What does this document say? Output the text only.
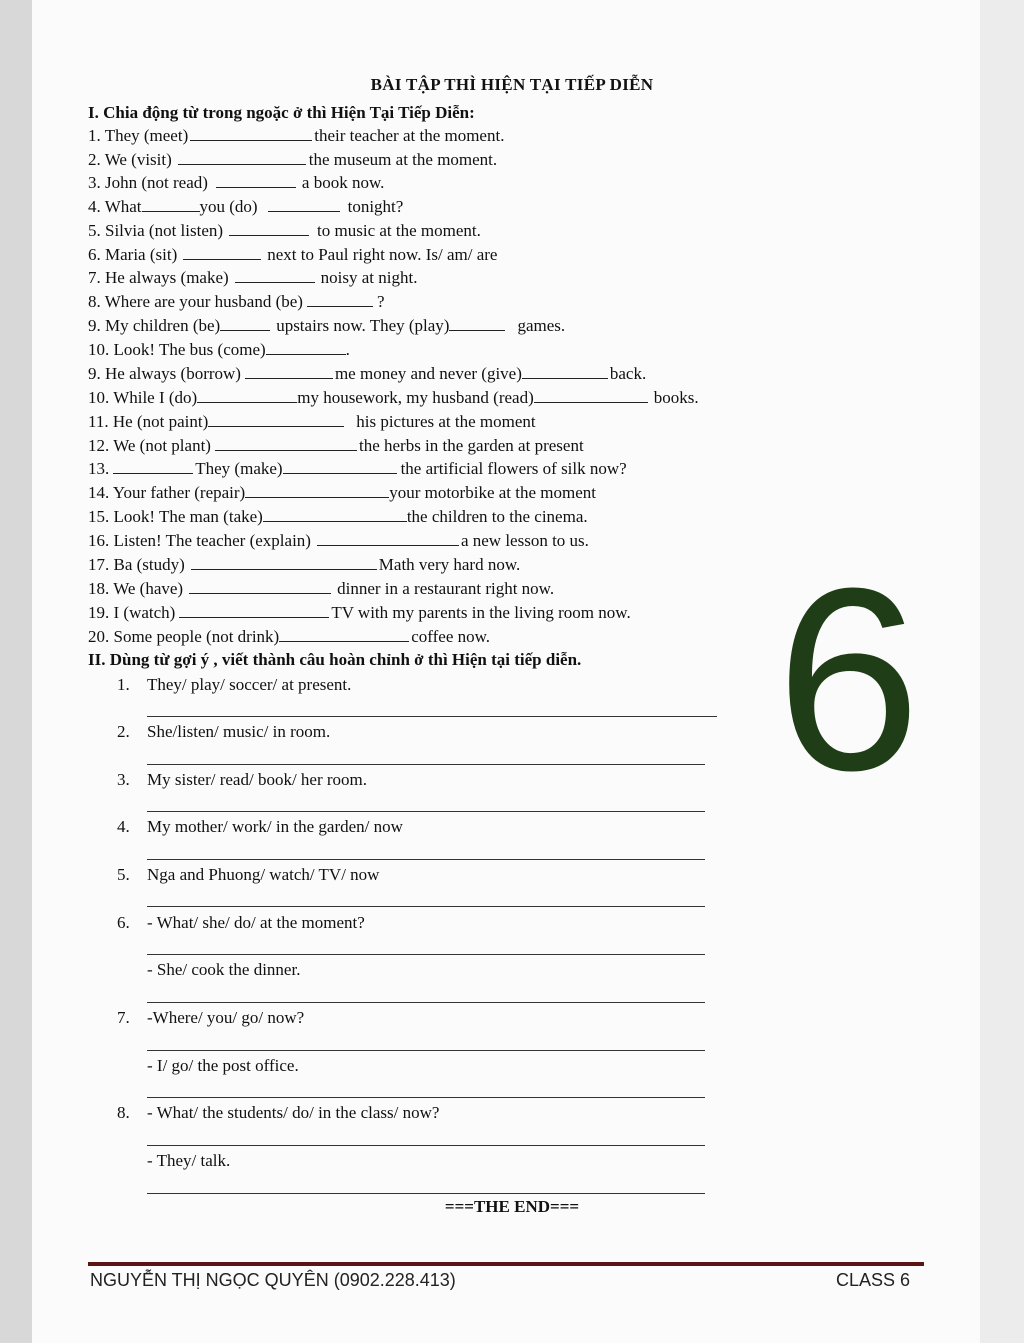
BÀI TẬP THÌ HIỆN TẠI TIẾP DIỄN
I. Chia động từ trong ngoặc ở thì Hiện Tại Tiếp Diễn:
1. They (meet)	their teacher at the moment.
2. We (visit)	the museum at the moment.
3. John (not read)	a book now.
4. What	you (do)	tonight?
5. Silvia (not listen)	to music at the moment.
6. Maria (sit)	next to Paul right now. Is/ am/ are
7. He always (make)	noisy at night.
8. Where are your husband (be)	?
9. My children (be)	upstairs now. They (play)	games.
10. Look! The bus (come)	.
9. He always (borrow)	me money and never (give)	back.
10. While I (do)	my housework, my husband (read)	books.
11. He (not paint)	his pictures at the moment
12. We (not plant)	the herbs in the garden at present
13.	They (make)	the artificial flowers of silk now?
14. Your father (repair)	your motorbike at the moment
15. Look! The man (take)	the children to the cinema.
16. Listen! The teacher (explain)	a new lesson to us.
17. Ba (study)	Math very hard now.
18. We (have)	dinner in a restaurant right now.
19. I (watch)	TV with my parents in the living room now.
20. Some people (not drink)	coffee now.
II. Dùng từ gợi ý , viết thành câu hoàn chỉnh ở thì Hiện tại tiếp diễn.
1. They/ play/ soccer/ at present.
2. She/listen/ music/ in room.
3. My sister/ read/ book/ her room.
4. My mother/ work/ in the garden/ now
5. Nga and Phuong/ watch/ TV/ now
6. - What/ she/ do/ at the moment?
- She/ cook the dinner.
7. -Where/ you/ go/ now?
- I/ go/ the post office.
8. - What/ the students/ do/ in the class/ now?
- They/ talk.
6
===THE END===
NGUYỄN THỊ NGỌC QUYÊN (0902.228.413)	CLASS 6
